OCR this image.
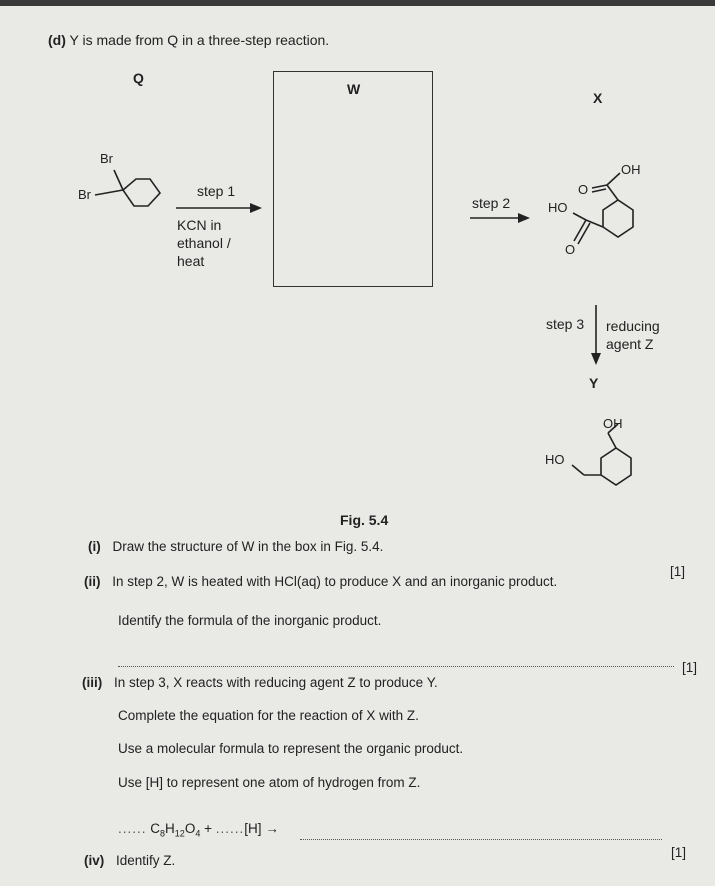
(d) Y is made from Q in a three-step reaction.
Q
Br
Br	step 1
KCN in
ethanol /
heat
W
step 2
X
OH
O
HO
O
step 3 reducing
agent Z
Y
OH
HO
Fig. 5.4
(i) Draw the structure of W in the box in Fig. 5.4.
[1]
(ii) In step 2, W is heated with HCl(aq) to produce X and an inorganic product.
Identify the formula of the inorganic product.
[1]
(iii) In step 3, X reacts with reducing agent Z to produce Y.
Complete the equation for the reaction of X with Z.
Use a molecular formula to represent the organic product.
Use [H] to represent one atom of hydrogen from Z.
...... $C_8H_{12}O_4 + ......[H]$ →
[1]
(iv) Identify Z.
